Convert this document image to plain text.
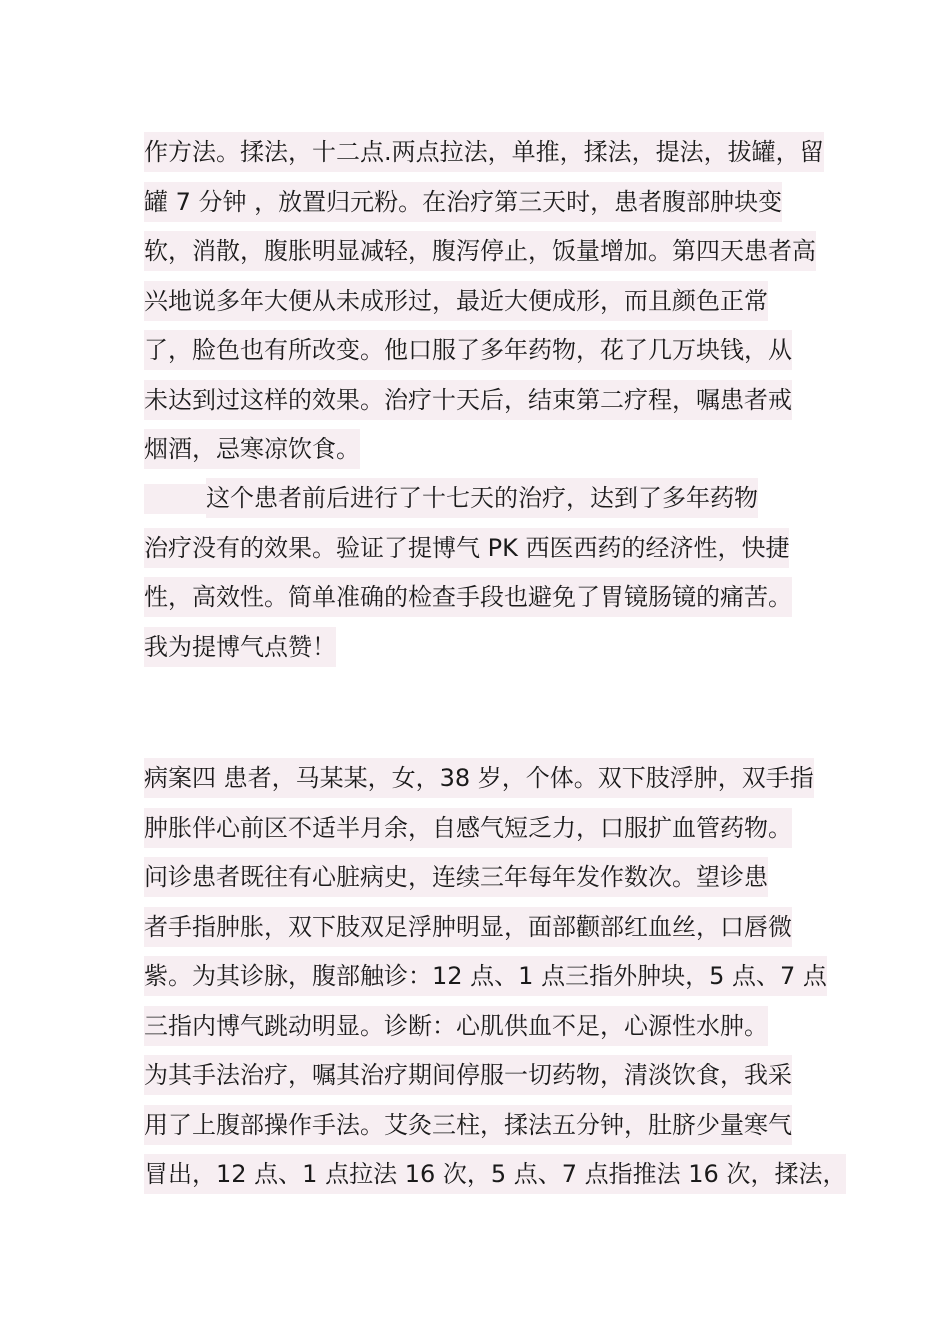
作方法。揉法，十二点.两点拉法，单推，揉法，提法，拔罐，留
罐 7 分钟 ，放置归元粉。在治疗第三天时，患者腹部肿块变
软，消散，腹胀明显减轻，腹泻停止，饭量增加。第四天患者高
兴地说多年大便从未成形过，最近大便成形，而且颜色正常
了，脸色也有所改变。他口服了多年药物，花了几万块钱，从
未达到过这样的效果。治疗十天后，结束第二疗程，嘱患者戒
烟酒，忌寒凉饮食。
这个患者前后进行了十七天的治疗，达到了多年药物
治疗没有的效果。验证了提博气 PK 西医西药的经济性，快捷
性，高效性。简单准确的检查手段也避免了胃镜肠镜的痛苦。
我为提博气点赞！
病案四 患者，马某某，女，38 岁，个体。双下肢浮肿，双手指
肿胀伴心前区不适半月余，自感气短乏力，口服扩血管药物。
问诊患者既往有心脏病史，连续三年每年发作数次。望诊患
者手指肿胀，双下肢双足浮肿明显，面部颧部红血丝，口唇微
紫。为其诊脉，腹部触诊：12 点、1 点三指外肿块，5 点、7 点
三指内博气跳动明显。诊断：心肌供血不足，心源性水肿。
为其手法治疗，嘱其治疗期间停服一切药物，清淡饮食，我采
用了上腹部操作手法。艾灸三柱，揉法五分钟，肚脐少量寒气
冒出，12 点、1 点拉法 16 次，5 点、7 点指推法 16 次，揉法，
